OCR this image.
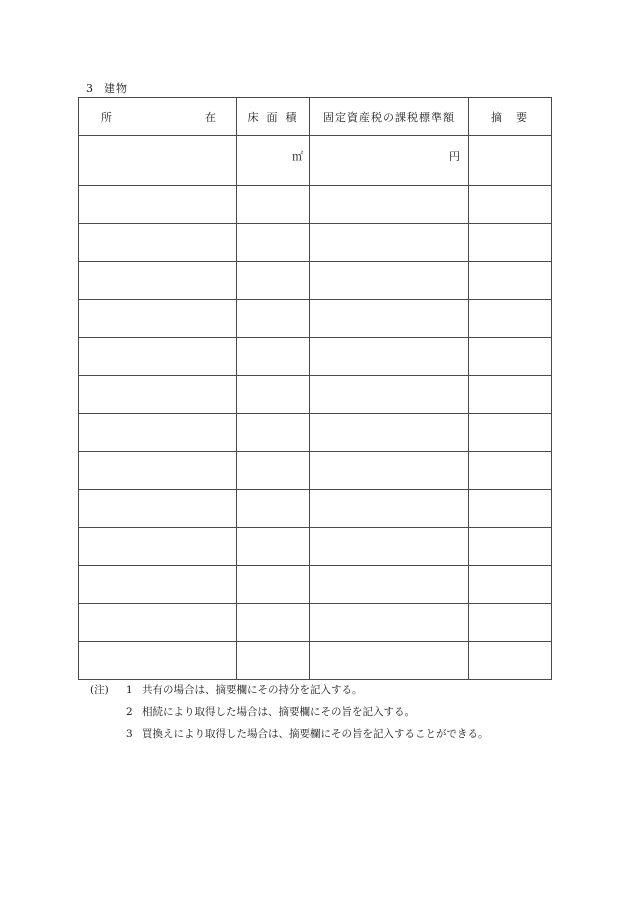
3 建物
所 在	床面積	固定資産税の課税標準額	摘要
	㎡	円	

(注)	1 共有の場合は、摘要欄にその持分を記入する。
2 相続により取得した場合は、摘要欄にその旨を記入する。
3 買換えにより取得した場合は、摘要欄にその旨を記入することができる。
